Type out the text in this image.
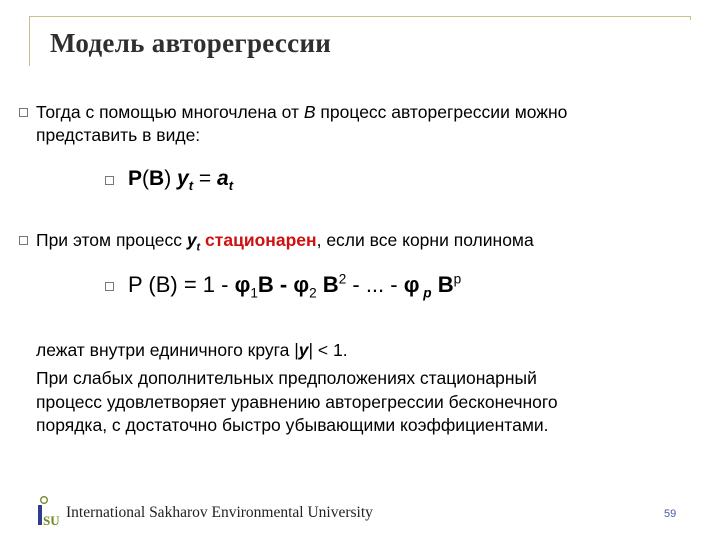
Модель авторегрессии
Тогда с помощью многочлена от B процесс авторегрессии можно
представить в виде:
P(B) $y_t = a_t$
При этом процесс $y_t$ стационарен, если все корни полинома
P $(B) = 1 - \varphi_1B - \varphi_2$ $B^2$ - ... - φ $_p$ $B^p$
лежат внутри единичного круга |y| < 1.
При слабых дополнительных предположениях стационарный
процесс удовлетворяет уравнению авторегрессии бесконечного
порядка, с достаточно быстро убывающими коэффициентами.
SU International Sakharov Environmental University	59
